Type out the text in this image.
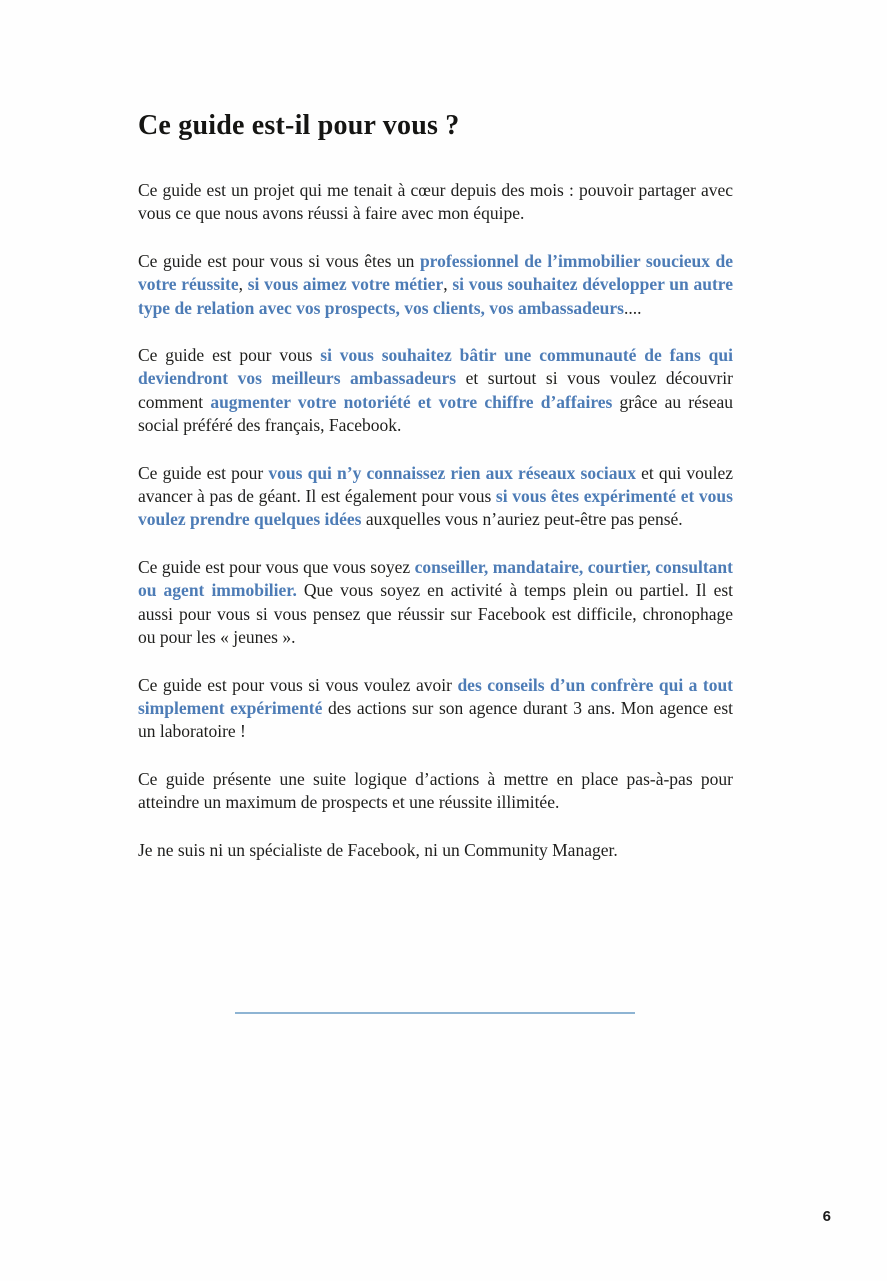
Ce guide est-il pour vous ?

Ce guide est un projet qui me tenait à cœur depuis des mois : pouvoir partager avec vous ce que nous avons réussi à faire avec mon équipe.

Ce guide est pour vous si vous êtes un professionnel de l’immobilier soucieux de votre réussite, si vous aimez votre métier, si vous souhaitez développer un autre type de relation avec vos prospects, vos clients, vos ambassadeurs....

Ce guide est pour vous si vous souhaitez bâtir une communauté de fans qui deviendront vos meilleurs ambassadeurs et surtout si vous voulez découvrir comment augmenter votre notoriété et votre chiffre d’affaires grâce au réseau social préféré des français, Facebook.

Ce guide est pour vous qui n’y connaissez rien aux réseaux sociaux et qui voulez avancer à pas de géant. Il est également pour vous si vous êtes expérimenté et vous voulez prendre quelques idées auxquelles vous n’auriez peut-être pas pensé.

Ce guide est pour vous que vous soyez conseiller, mandataire, courtier, consultant ou agent immobilier. Que vous soyez en activité à temps plein ou partiel. Il est aussi pour vous si vous pensez que réussir sur Facebook est difficile, chronophage ou pour les « jeunes ».

Ce guide est pour vous si vous voulez avoir des conseils d’un confrère qui a tout simplement expérimenté des actions sur son agence durant 3 ans. Mon agence est un laboratoire !

Ce guide présente une suite logique d’actions à mettre en place pas-à-pas pour atteindre un maximum de prospects et une réussite illimitée.

Je ne suis ni un spécialiste de Facebook, ni un Community Manager.

6
